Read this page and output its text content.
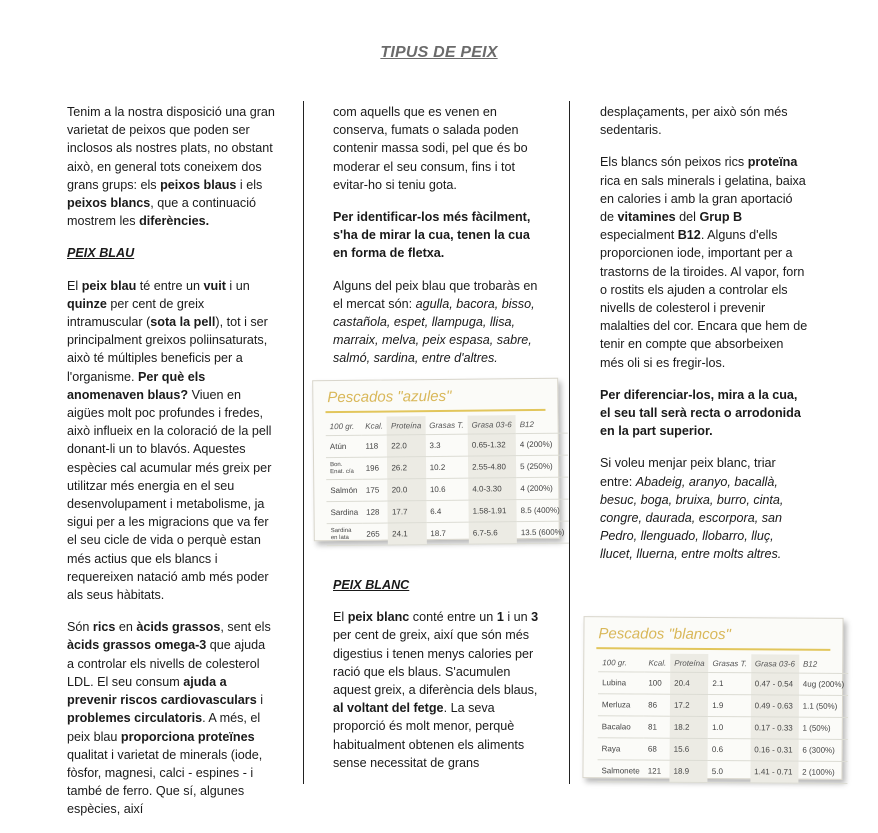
TIPUS DE PEIX

Tenim a la nostra disposició una gran varietat de peixos que poden ser inclosos als nostres plats, no obstant això, en general tots coneixem dos grans grups: els peixos blaus i els peixos blancs, que a continuació mostrem les diferències.

PEIX BLAU

El peix blau té entre un vuit i un quinze per cent de greix intramuscular (sota la pell), tot i ser principalment greixos poliinsaturats, això té múltiples beneficis per a l'organisme. Per què els anomenaven blaus? Viuen en aigües molt poc profundes i fredes, això influeix en la coloració de la pell donant-li un to blavós. Aquestes espècies cal acumular més greix per utilitzar més energia en el seu desenvolupament i metabolisme, ja sigui per a les migracions que va fer el seu cicle de vida o perquè estan més actius que els blancs i requereixen natació amb més poder als seus hàbitats.

Són rics en àcids grassos, sent els àcids grassos omega-3 que ajuda a controlar els nivells de colesterol LDL. El seu consum ajuda a prevenir riscos cardiovasculars i problemes circulatoris. A més, el peix blau proporciona proteïnes qualitat i varietat de minerals (iode, fòsfor, magnesi, calci - espines - i també de ferro. Que sí, algunes espècies, així

com aquells que es venen en conserva, fumats o salada poden contenir massa sodi, pel que és bo moderar el seu consum, fins i tot evitar-ho si teniu gota.

Per identificar-los més fàcilment, s'ha de mirar la cua, tenen la cua en forma de fletxa.

Alguns del peix blau que trobaràs en el mercat són: agulla, bacora, bisso, castañola, espet, llampuga, llisa, marraix, melva, peix espasa, sabre, salmó, sardina, entre d'altres.

PEIX BLANC

El peix blanc conté entre un 1 i un 3 per cent de greix, així que són més digestius i tenen menys calories per ració que els blaus. S'acumulen aquest greix, a diferència dels blaus, al voltant del fetge. La seva proporció és molt menor, perquè habitualment obtenen els aliments sense necessitat de grans

desplaçaments, per això són més sedentaris.

Els blancs són peixos rics proteïna rica en sals minerals i gelatina, baixa en calories i amb la gran aportació de vitamines del Grup B especialment B12. Alguns d'ells proporcionen iode, important per a trastorns de la tiroides. Al vapor, forn o rostits els ajuden a controlar els nivells de colesterol i prevenir malalties del cor. Encara que hem de tenir en compte que absorbeixen més oli si es fregir-los.

Per diferenciar-los, mira a la cua, el seu tall serà recta o arrodonida en la part superior.

Si voleu menjar peix blanc, triar entre: Abadeig, aranyo, bacallà, besuc, boga, bruixa, burro, cinta, congre, daurada, escorpora, san Pedro, llenguado, llobarro, lluç, llucet, lluerna, entre molts altres.

Pescados "azules"
100 gr.	Kcal.	Proteína	Grasas T.	Grasa 03-6	B12
Atún	118	22.0	3.3	0.65-1.32	4 (200%)
Bon. Enat. c/a	196	26.2	10.2	2.55-4.80	5 (250%)
Salmón	175	20.0	10.6	4.0-3.30	4 (200%)
Sardina	128	17.7	6.4	1.58-1.91	8.5 (400%)
Sardina en lata	265	24.1	18.7	6.7-5.6	13.5 (600%)
Pescados "blancos"
100 gr.	Kcal.	Proteína	Grasas T.	Grasa 03-6	B12
Lubina	100	20.4	2.1	0.47 - 0.54	4ug (200%)
Merluza	86	17.2	1.9	0.49 - 0.63	1.1 (50%)
Bacalao	81	18.2	1.0	0.17 - 0.33	1 (50%)
Raya	68	15.6	0.6	0.16 - 0.31	6 (300%)
Salmonete	121	18.9	5.0	1.41 - 0.71	2 (100%)
